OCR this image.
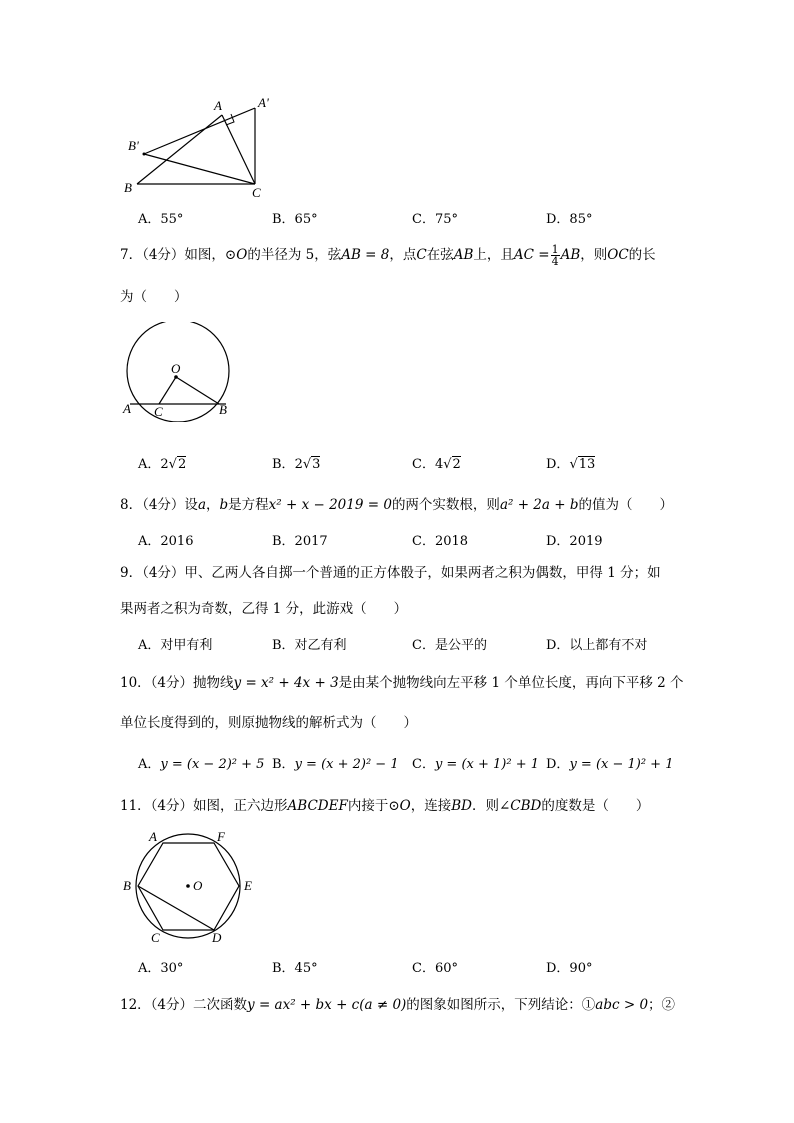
A	A'
B'
B	C
A．55°	B．65°	C．75°	D．85°
7．（4分）如图，⊙O的半径为 5，弦AB = 8，点C在弦AB上，且AC = $\frac{1}{4}$ AB，则OC的长
为（　　）
O
A C	B
A．2√2	B．2√3	C．4√2	D．√13
8．（4分）设a，b是方程x² + x − 2019 = 0的两个实数根，则a² + 2a + b的值为（　　）
A．2016	B．2017	C．2018	D．2019
9．（4分）甲、乙两人各自掷一个普通的正方体骰子，如果两者之积为偶数，甲得 1 分；如
果两者之积为奇数，乙得 1 分，此游戏（　　）
A．对甲有利	B．对乙有利	C．是公平的	D．以上都有不对
10．（4分）抛物线y = x² + 4x + 3是由某个抛物线向左平移 1 个单位长度，再向下平移 2 个
单位长度得到的，则原抛物线的解析式为（　　）
A．y = (x − 2)² + 5 B．y = (x + 2)² − 1 C．y = (x + 1)² + 1 D．y = (x − 1)² + 1
11．（4分）如图，正六边形ABCDEF内接于⊙O，连接BD．则∠CBD的度数是（　　）
A	F
B	O	E
C	D
A．30°	B．45°	C．60°	D．90°
12．（4分）二次函数y = ax² + bx + c(a ≠ 0)的图象如图所示，下列结论：①abc > 0；②
